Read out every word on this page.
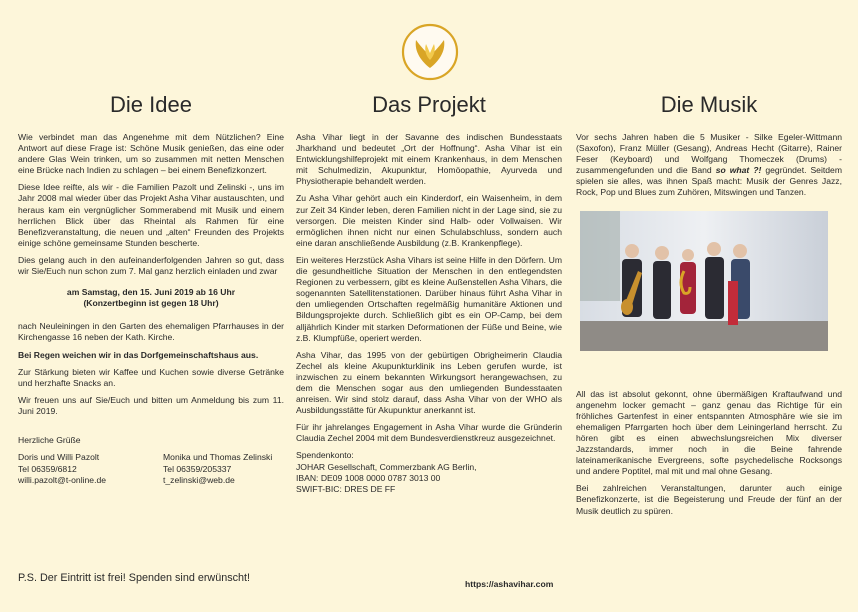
Die Idee

Wie verbindet man das Angenehme mit dem Nützlichen? Eine Antwort auf diese Frage ist: Schöne Musik genießen, das eine oder andere Glas Wein trinken, um so zusammen mit netten Menschen eine Brücke nach Indien zu schlagen – bei einem Benefizkonzert.

Diese Idee reifte, als wir - die Familien Pazolt und Zelinski -, uns im Jahr 2008 mal wieder über das Projekt Asha Vihar austauschten, und heraus kam ein vergnüglicher Sommerabend mit Musik und einem herrlichen Blick über das Rheintal als Rahmen für eine Benefizveranstaltung, die neuen und „alten“ Freunden des Projekts einige schöne gemeinsame Stunden bescherte.

Dies gelang auch in den aufeinanderfolgenden Jahren so gut, dass wir Sie/Euch nun schon zum 7. Mal ganz herzlich einladen und zwar

am Samstag, den 15. Juni 2019 ab 16 Uhr
(Konzertbeginn ist gegen 18 Uhr)

nach Neuleiningen in den Garten des ehemaligen Pfarrhauses in der Kirchengasse 16 neben der Kath. Kirche.

Bei Regen weichen wir in das Dorfgemeinschaftshaus aus.

Zur Stärkung bieten wir Kaffee und Kuchen sowie diverse Getränke und herzhafte Snacks an.

Wir freuen uns auf Sie/Euch und bitten um Anmeldung bis zum 11. Juni 2019.

Herzliche Grüße

Doris und Willi Pazolt
Tel 06359/6812
willi.pazolt@t-online.de
Monika und Thomas Zelinski
Tel 06359/205337
t_zelinski@web.de
P.S. Der Eintritt ist frei! Spenden sind erwünscht!
Das Projekt

Asha Vihar liegt in der Savanne des indischen Bundesstaats Jharkhand und bedeutet „Ort der Hoffnung“. Asha Vihar ist ein Entwicklungshilfeprojekt mit einem Krankenhaus, in dem Menschen mit Schulmedizin, Akupunktur, Homöopathie, Ayurveda und Physiotherapie behandelt werden.

Zu Asha Vihar gehört auch ein Kinderdorf, ein Waisenheim, in dem zur Zeit 34 Kinder leben, deren Familien nicht in der Lage sind, sie zu versorgen. Die meisten Kinder sind Halb- oder Vollwaisen. Wir ermöglichen ihnen nicht nur einen Schulabschluss, sondern auch eine daran anschließende Ausbildung (z.B. Krankenpflege).

Ein weiteres Herzstück Asha Vihars ist seine Hilfe in den Dörfern. Um die gesundheitliche Situation der Menschen in den entlegendsten Regionen zu verbessern, gibt es kleine Außenstellen Asha Vihars, die sogenannten Satellitenstationen. Darüber hinaus führt Asha Vihar in den umliegenden Ortschaften regelmäßig humanitäre Aktionen und Bildungsprojekte durch. Schließlich gibt es ein OP-Camp, bei dem alljährlich Kinder mit starken Deformationen der Füße und Beine, wie z.B. Klumpfüße, operiert werden.

Asha Vihar, das 1995 von der gebürtigen Obrigheimerin Claudia Zechel als kleine Akupunkturklinik ins Leben gerufen wurde, ist inzwischen zu einem bekannten Wirkungsort herangewachsen, zu dem die Menschen sogar aus den umliegenden Bundesstaaten anreisen. Wir sind stolz darauf, dass Asha Vihar von der WHO als Ausbildungsstätte für Akupunktur anerkannt ist.

Für ihr jahrelanges Engagement in Asha Vihar wurde die Gründerin Claudia Zechel 2004 mit dem Bundesverdienstkreuz ausgezeichnet.

Spendenkonto:
JOHAR Gesellschaft, Commerzbank AG Berlin,
IBAN: DE09 1008 0000 0787 3013 00
SWIFT-BIC: DRES DE FF
https://ashavihar.com
Die Musik

Vor sechs Jahren haben die 5 Musiker - Silke Egeler-Wittmann (Saxofon), Franz Müller (Gesang), Andreas Hecht (Gitarre), Rainer Feser (Keyboard) und Wolfgang Thomeczek (Drums) - zusammengefunden und die Band so what ?! gegründet. Seitdem spielen sie alles, was ihnen Spaß macht: Musik der Genres Jazz, Rock, Pop und Blues zum Zuhören, Mitswingen und Tanzen.

All das ist absolut gekonnt, ohne übermäßigen Kraftaufwand und angenehm locker gemacht – ganz genau das Richtige für ein fröhliches Gartenfest in einer entspannten Atmosphäre wie sie im ehemaligen Pfarrgarten hoch über dem Leiningerland herrscht. Zu hören gibt es einen abwechslungsreichen Mix diverser Jazzstandards, immer noch in die Beine fahrende lateinamerikanische Evergreens, softe psychedelische Rocksongs und andere Poptitel, mal mit und mal ohne Gesang.

Bei zahlreichen Veranstaltungen, darunter auch einige Benefizkonzerte, ist die Begeisterung und Freude der fünf an der Musik deutlich zu spüren.
